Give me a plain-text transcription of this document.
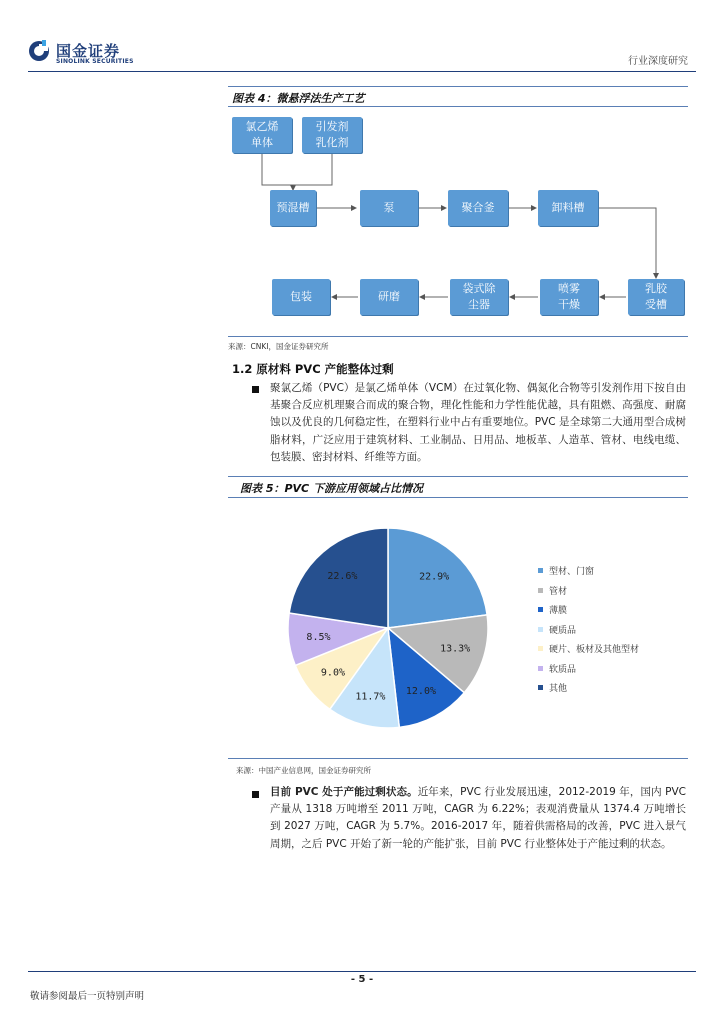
国金证券
SINOLINK SECURITIES	行业深度研究
图表 4：微悬浮法生产工艺
氯乙烯
单体
引发剂
乳化剂
预混槽	泵	聚合釜	卸料槽
乳胶
受槽
喷雾
干燥
袋式除
尘器
研磨
包装
来源：CNKI，国金证券研究所
1.2 原材料 PVC 产能整体过剩
聚氯乙烯（PVC）是氯乙烯单体（VCM）在过氧化物、偶氮化合物等引发剂作用下按自由基聚合反应机理聚合而成的聚合物，理化性能和力学性能优越，具有阻燃、高强度、耐腐蚀以及优良的几何稳定性，在塑料行业中占有重要地位。PVC 是全球第二大通用型合成树脂材料，广泛应用于建筑材料、工业制品、日用品、地板革、人造革、管材、电线电缆、包装膜、密封材料、纤维等方面。
图表 5：PVC 下游应用领域占比情况
22.9%
13.3%
12.0%
11.7%
9.0%
8.5%
22.6%	型材、门窗
管材
薄膜
硬质品
硬片、板材及其他型材
软质品
其他
来源：中国产业信息网，国金证券研究所
目前 PVC 处于产能过剩状态。近年来，PVC 行业发展迅速，2012-2019 年，国内 PVC 产量从 1318 万吨增至 2011 万吨，CAGR 为 6.22%；表观消费量从 1374.4 万吨增长到 2027 万吨，CAGR 为 5.7%。2016-2017 年，随着供需格局的改善，PVC 进入景气周期，之后 PVC 开始了新一轮的产能扩张，目前 PVC 行业整体处于产能过剩的状态。
- 5 -
敬请参阅最后一页特别声明
